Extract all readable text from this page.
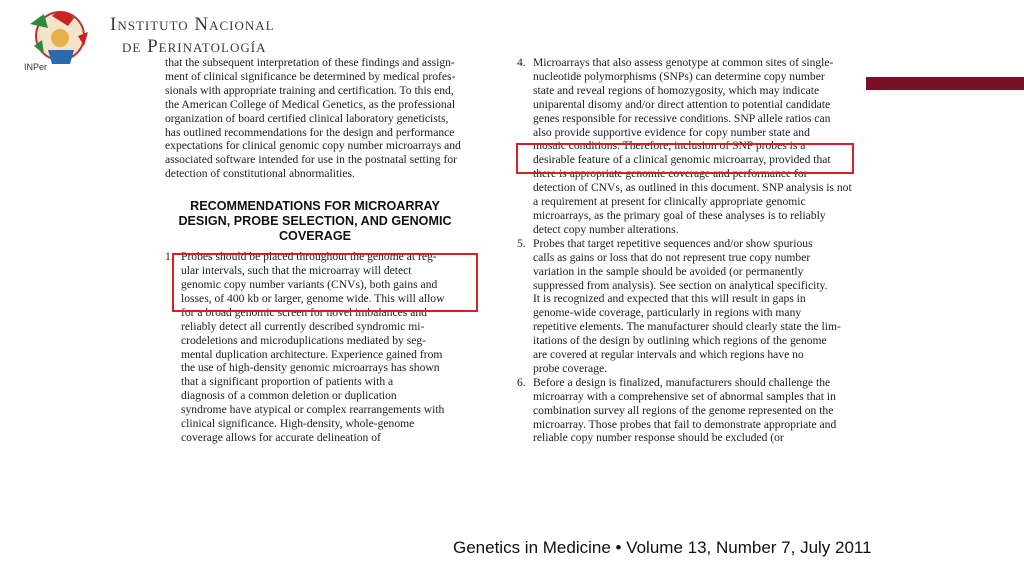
INPer
Instituto Nacional
de Perinatología
that the subsequent interpretation of these findings and assign-
ment of clinical significance be determined by medical profes-
sionals with appropriate training and certification. To this end,
the American College of Medical Genetics, as the professional
organization of board certified clinical laboratory geneticists,
has outlined recommendations for the design and performance
expectations for clinical genomic copy number microarrays and
associated software intended for use in the postnatal setting for
detection of constitutional abnormalities.
RECOMMENDATIONS FOR MICROARRAY
DESIGN, PROBE SELECTION, AND GENOMIC
COVERAGE
1. Probes should be placed throughout the genome at reg-
ular intervals, such that the microarray will detect
genomic copy number variants (CNVs), both gains and
losses, of 400 kb or larger, genome wide. This will allow
for a broad genomic screen for novel imbalances and
reliably detect all currently described syndromic mi-
crodeletions and microduplications mediated by seg-
mental duplication architecture. Experience gained from
the use of high-density genomic microarrays has shown
that a significant proportion of patients with a
diagnosis of a common deletion or duplication
syndrome have atypical or complex rearrangements with
clinical significance. High-density, whole-genome
coverage allows for accurate delineation of
4. Microarrays that also assess genotype at common sites of single-
nucleotide polymorphisms (SNPs) can determine copy number
state and reveal regions of homozygosity, which may indicate
uniparental disomy and/or direct attention to potential candidate
genes responsible for recessive conditions. SNP allele ratios can
also provide supportive evidence for copy number state and
mosaic conditions. Therefore, inclusion of SNP probes is a
desirable feature of a clinical genomic microarray, provided that
there is appropriate genomic coverage and performance for
detection of CNVs, as outlined in this document. SNP analysis is not
a requirement at present for clinically appropriate genomic
microarrays, as the primary goal of these analyses is to reliably
detect copy number alterations.
5. Probes that target repetitive sequences and/or show spurious
calls as gains or loss that do not represent true copy number
variation in the sample should be avoided (or permanently
suppressed from analysis). See section on analytical specificity.
It is recognized and expected that this will result in gaps in
genome-wide coverage, particularly in regions with many
repetitive elements. The manufacturer should clearly state the lim-
itations of the design by outlining which regions of the genome
are covered at regular intervals and which regions have no
probe coverage.
6. Before a design is finalized, manufacturers should challenge the
microarray with a comprehensive set of abnormal samples that in
combination survey all regions of the genome represented on the
microarray. Those probes that fail to demonstrate appropriate and
reliable copy number response should be excluded (or
Genetics in Medicine • Volume 13, Number 7, July 2011
